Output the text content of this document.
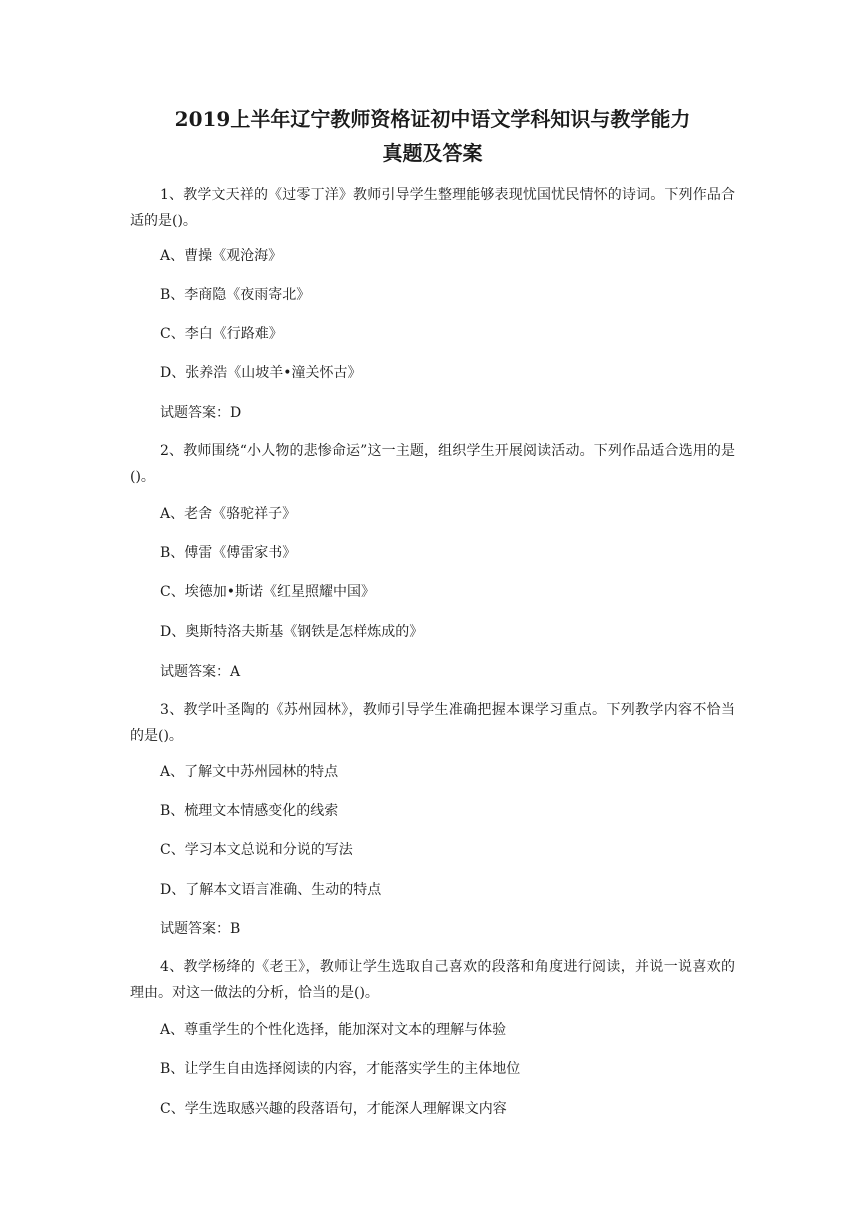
2019上半年辽宁教师资格证初中语文学科知识与教学能力
真题及答案

1、教学文天祥的《过零丁洋》教师引导学生整理能够表现忧国忧民情怀的诗词。下列作品合适的是()。

A、曹操《观沧海》

B、李商隐《夜雨寄北》

C、李白《行路难》

D、张养浩《山坡羊•潼关怀古》

试题答案：D

2、教师围绕“小人物的悲惨命运”这一主题，组织学生开展阅读活动。下列作品适合选用的是()。

A、老舍《骆驼祥子》

B、傅雷《傅雷家书》

C、埃德加•斯诺《红星照耀中国》

D、奥斯特洛夫斯基《钢铁是怎样炼成的》

试题答案：A

3、教学叶圣陶的《苏州园林》，教师引导学生准确把握本课学习重点。下列教学内容不恰当的是()。

A、了解文中苏州园林的特点

B、梳理文本情感变化的线索

C、学习本文总说和分说的写法

D、了解本文语言准确、生动的特点

试题答案：B

4、教学杨绛的《老王》，教师让学生选取自己喜欢的段落和角度进行阅读，并说一说喜欢的理由。对这一做法的分析，恰当的是()。

A、尊重学生的个性化选择，能加深对文本的理解与体验

B、让学生自由选择阅读的内容，才能落实学生的主体地位

C、学生选取感兴趣的段落语句，才能深人理解课文内容
